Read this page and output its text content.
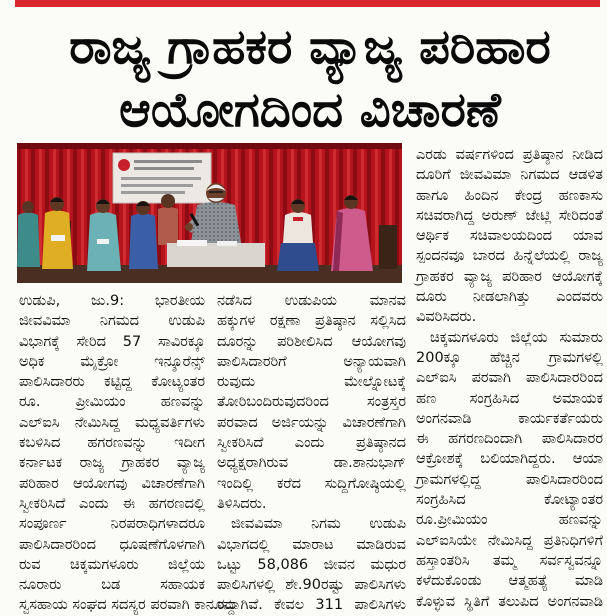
ರಾಜ್ಯ ಗ್ರಾಹಕರ ವ್ಯಾಜ್ಯ ಪರಿಹಾರ
ಆಯೋಗದಿಂದ ವಿಚಾರಣೆ
ಎರಡು ವರ್ಷಗಳಿಂದ ಪ್ರತಿಷ್ಠಾನ ನೀಡಿದ
ದೂರಿಗೆ ಜೀವವಿಮಾ ನಿಗಮದ ಆಡಳಿತ
ಹಾಗೂ ಹಿಂದಿನ ಕೇಂದ್ರ ಹಣಕಾಸು
ಸಚಿವರಾಗಿದ್ದ ಅರುಣ್ ಜೇಟ್ಲಿ ಸೇರಿದಂತೆ
ಆರ್ಥಿಕ ಸಚಿವಾಲಯದಿಂದ ಯಾವ
ಸ್ಪಂದನವೂ ಬಾರದ ಹಿನ್ನೆಲೆಯಲ್ಲಿ ರಾಜ್ಯ
ಗ್ರಾಹಕರ ವ್ಯಾಜ್ಯ ಪರಿಹಾರ ಆಯೋಗಕ್ಕೆ
ದೂರು ನೀಡಲಾಗಿತ್ತು ಎಂದವರು
ವಿವರಿಸಿದರು.
ಚಿಕ್ಕಮಗಳೂರು ಜಿಲ್ಲೆಯ ಸುಮಾರು
200ಕ್ಕೂ ಹೆಚ್ಚಿನ ಗ್ರಾಮಗಳಲ್ಲಿ
ಎಲ್ಐಸಿ ಪರವಾಗಿ ಪಾಲಿಸಿದಾರರಿಂದ
ಹಣ ಸಂಗ್ರಹಿಸಿದ ಅಮಾಯಕ
ಅಂಗನವಾಡಿ ಕಾರ್ಯಕರ್ತೆಯರು
ಈ ಹಗರಣದಿಂದಾಗಿ ಪಾಲಿಸಿದಾರರ
ಆಕ್ರೋಶಕ್ಕೆ ಬಲಿಯಾಗಿದ್ದರು. ಆಯಾ
ಗ್ರಾಮಗಳಲ್ಲಿದ್ದ ಪಾಲಿಸಿದಾರರಿಂದ
ಸಂಗ್ರಹಿಸಿದ ಕೋಟ್ಯಾಂತರ
ರೂ.ಪ್ರೀಮಿಯಂ ಹಣವನ್ನು
ಎಲ್ಐಸಿಯೇ ನೇಮಿಸಿದ್ದ ಪ್ರತಿನಿಧಿಗಳಿಗೆ
ಹಸ್ತಾಂತರಿಸಿ ತಮ್ಮ ಸರ್ವಸ್ವವನ್ನೂ
ಕಳೆದುಕೊಂಡು ಆತ್ಮಹತ್ಯೆ ಮಾಡಿ
ಕೊಳ್ಳುವ ಸ್ಥಿತಿಗೆ ತಲುಪಿದ ಅಂಗನವಾಡಿ
ಉಡುಪಿ, ಜು.9: ಭಾರತೀಯ
ಜೀವವಿಮಾ ನಿಗಮದ ಉಡುಪಿ
ವಿಭಾಗಕ್ಕೆ ಸೇರಿದ 57 ಸಾವಿರಕ್ಕೂ
ಅಧಿಕ ಮೈಕ್ರೋ ಇನ್ಶೂರೆನ್ಸ್
ಪಾಲಿಸಿದಾರರು ಕಟ್ಟಿದ್ದ ಕೋಟ್ಯಂತರ
ರೂ. ಪ್ರೀಮಿಯಂ ಹಣವನ್ನು
ಎಲ್ಐಸಿ ನೇಮಿಸಿದ್ದ ಮಧ್ಯವರ್ತಿಗಳು
ಕಬಳಿಸಿದ ಹಗರಣವನ್ನು ಇದೀಗ
ಕರ್ನಾಟಕ ರಾಜ್ಯ ಗ್ರಾಹಕರ ವ್ಯಾಜ್ಯ
ಪರಿಹಾರ ಆಯೋಗವು ವಿಚಾರಣೆಗಾಗಿ
ಸ್ವೀಕರಿಸಿದೆ ಎಂದು ಈ ಹಗರಣದಲ್ಲಿ
ಸಂಪೂರ್ಣ ನಿರಪರಾಧಿಗಳಾದರೂ
ಪಾಲಿಸಿದಾರರಿಂದ ಧೂಷಣೆಗೊಳಗಾಗಿ
ರುವ ಚಿಕ್ಕಮಗಳೂರು ಜಿಲ್ಲೆಯ
ನೂರಾರು ಬಡ ಸಹಾಯಕ
ಸ್ವಸಹಾಯ ಸಂಘದ ಸದಸ್ಯರ ಪರವಾಗಿ ಕಾನೂನು
ನಡೆಸಿದ ಉಡುಪಿಯ ಮಾನವ
ಹಕ್ಕುಗಳ ರಕ್ಷಣಾ ಪ್ರತಿಷ್ಠಾನ ಸಲ್ಲಿಸಿದ
ದೂರನ್ನು ಪರಿಶೀಲಿಸಿದ ಆಯೋಗವು
ಪಾಲಿಸಿದಾರರಿಗೆ ಅನ್ಯಾಯವಾಗಿ
ರುವುದು ಮೇಲ್ನೋಟಕ್ಕೆ
ತೋರಿಬಂದಿರುವುದರಿಂದ ಸಂತ್ರಸ್ತರ
ಪರವಾದ ಅರ್ಜಿಯನ್ನು ವಿಚಾರಣೆಗಾಗಿ
ಸ್ವೀಕರಿಸಿದೆ ಎಂದು ಪ್ರತಿಷ್ಠಾನದ
ಅಧ್ಯಕ್ಷರಾಗಿರುವ ಡಾ.ಶಾನುಭಾಗ್
ಇಂದಿಲ್ಲಿ ಕರೆದ ಸುದ್ದಿಗೋಷ್ಠಿಯಲ್ಲಿ
ತಿಳಿಸಿದರು.
ಜೀವವಿಮಾ ನಿಗಮ ಉಡುಪಿ
ವಿಭಾಗದಲ್ಲಿ ಮಾರಾಟ ಮಾಡಿರುವ
ಒಟ್ಟು 58,086 ಜೀವನ ಮಧುರ
ಪಾಲಿಸಿಗಳಲ್ಲಿ ಶೇ.90ರಷ್ಟು ಪಾಲಿಸಿಗಳು
ರದ್ದಾಗಿವೆ. ಕೇವಲ 311 ಪಾಲಿಸಿಗಳು
